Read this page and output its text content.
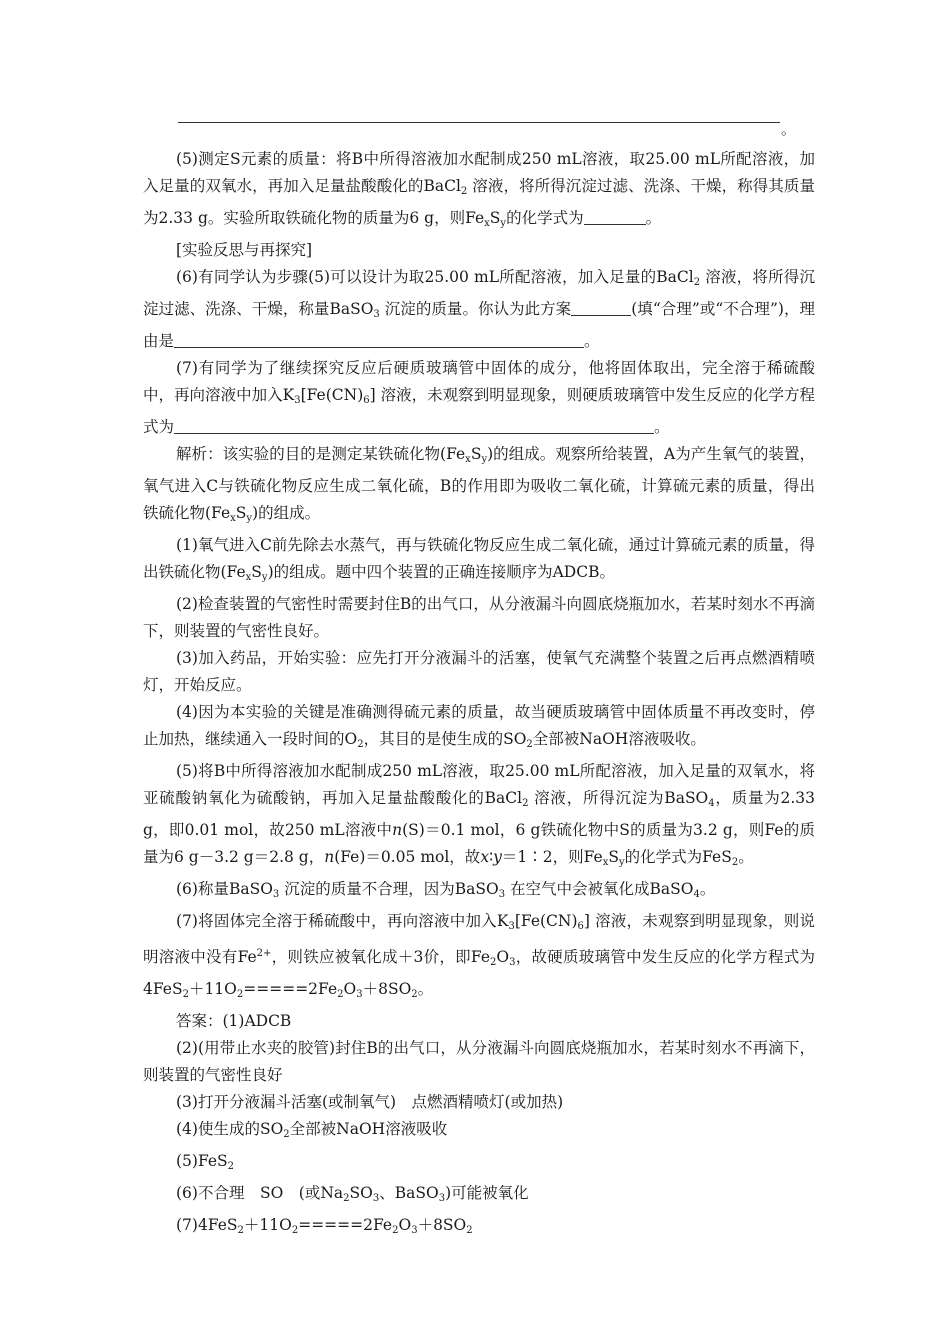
。

(5)测定S元素的质量：将B中所得溶液加水配制成250 mL溶液，取25.00 mL所配溶液，加入足量的双氧水，再加入足量盐酸酸化的BaCl$_2$ 溶液，将所得沉淀过滤、洗涤、干燥，称得其质量为2.33 g。实验所取铁硫化物的质量为6 g，则$Fe_xS_y$的化学式为	。

[实验反思与再探究]

(6)有同学认为步骤(5)可以设计为取25.00 mL所配溶液，加入足量的BaCl$_2$ 溶液，将所得沉淀过滤、洗涤、干燥，称量BaSO$_3$ 沉淀的质量。你认为此方案	(填“合理”或“不合理”)，理由是	。

(7)有同学为了继续探究反应后硬质玻璃管中固体的成分，他将固体取出，完全溶于稀硫酸中，再向溶液中加入$K_3[Fe(CN)_6]$ 溶液，未观察到明显现象，则硬质玻璃管中发生反应的化学方程式为	。

解析：该实验的目的是测定某铁硫化物$(Fe_xS_y)$的组成。观察所给装置，A为产生氧气的装置，氧气进入C与铁硫化物反应生成二氧化硫，B的作用即为吸收二氧化硫，计算硫元素的质量，得出铁硫化物$(Fe_xS_y)$的组成。

(1)氧气进入C前先除去水蒸气，再与铁硫化物反应生成二氧化硫，通过计算硫元素的质量，得出铁硫化物$(Fe_xS_y)$的组成。题中四个装置的正确连接顺序为ADCB。

(2)检查装置的气密性时需要封住B的出气口，从分液漏斗向圆底烧瓶加水，若某时刻水不再滴下，则装置的气密性良好。

(3)加入药品，开始实验：应先打开分液漏斗的活塞，使氧气充满整个装置之后再点燃酒精喷灯，开始反应。

(4)因为本实验的关键是准确测得硫元素的质量，故当硬质玻璃管中固体质量不再改变时，停止加热，继续通入一段时间的$O_2$，其目的是使生成的$SO_2$全部被NaOH溶液吸收。

(5)将B中所得溶液加水配制成250 mL溶液，取25.00 mL所配溶液，加入足量的双氧水，将亚硫酸钠氧化为硫酸钠，再加入足量盐酸酸化的BaCl$_2$ 溶液，所得沉淀为BaSO$_4$，质量为2.33 g，即0.01 mol，故250 mL溶液中n(S)＝0.1 mol，6 g铁硫化物中S的质量为3.2 g，则Fe的质量为6 g－3.2 g＝2.8 g，n(Fe)＝0.05 mol，故x∶y＝1∶2，则$Fe_xS_y$的化学式为FeS$_2$。

(6)称量BaSO$_3$ 沉淀的质量不合理，因为BaSO$_3$ 在空气中会被氧化成BaSO$_4$。

(7)将固体完全溶于稀硫酸中，再向溶液中加入$K_3[Fe(CN)_6]$ 溶液，未观察到明显现象，则说明溶液中没有$Fe^{2+}$，则铁应被氧化成＋3价，即$Fe_2O_3$，故硬质玻璃管中发生反应的化学方程式为$4FeS_2+11O_2=====2Fe_2O_3+8SO_2$。

答案：(1)ADCB

(2)(用带止水夹的胶管)封住B的出气口，从分液漏斗向圆底烧瓶加水，若某时刻水不再滴下，则装置的气密性良好

(3)打开分液漏斗活塞(或制氧气)　点燃酒精喷灯(或加热)

(4)使生成的$SO_2$全部被NaOH溶液吸收

(5)FeS$_2$

(6)不合理　SO　(或$Na_2SO_3$、BaSO$_3$)可能被氧化

$(7)4FeS_2+11O_2=====2Fe_2O_3+8SO_2$
